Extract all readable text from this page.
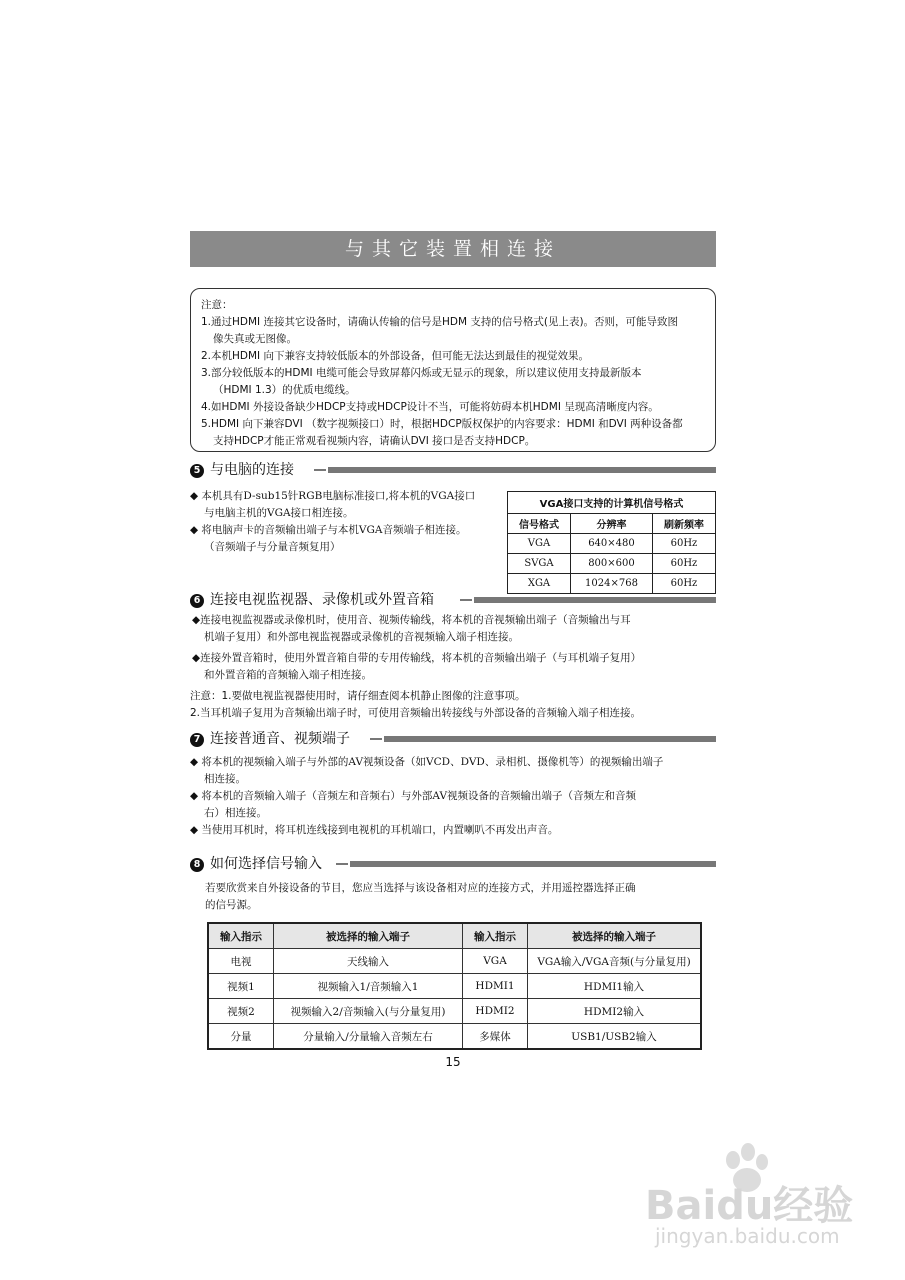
与其它装置相连接

注意：

1.通过HDMI 连接其它设备时，请确认传输的信号是HDM 支持的信号格式(见上表)。否则，可能导致图

像失真或无图像。

2.本机HDMI 向下兼容支持较低版本的外部设备，但可能无法达到最佳的视觉效果。

3.部分较低版本的HDMI 电缆可能会导致屏幕闪烁或无显示的现象，所以建议使用支持最新版本

（HDMI 1.3）的优质电缆线。

4.如HDMI 外接设备缺少HDCP支持或HDCP设计不当，可能将妨碍本机HDMI 呈现高清晰度内容。

5.HDMI 向下兼容DVI （数字视频接口）时，根据HDCP版权保护的内容要求：HDMI 和DVI 两种设备都

支持HDCP才能正常观看视频内容，请确认DVI 接口是否支持HDCP。

5 与电脑的连接

◆ 本机具有D-sub15针RGB电脑标准接口,将本机的VGA接口

与电脑主机的VGA接口相连接。

◆ 将电脑声卡的音频输出端子与本机VGA音频端子相连接。

（音频端子与分量音频复用）

VGA接口支持的计算机信号格式		
信号格式	分辨率	刷新频率
VGA	640×480	60Hz
SVGA	800×600	60Hz
XGA	1024×768	60Hz
6 连接电视监视器、录像机或外置音箱

◆连接电视监视器或录像机时，使用音、视频传输线，将本机的音视频输出端子（音频输出与耳

机端子复用）和外部电视监视器或录像机的音视频输入端子相连接。

◆连接外置音箱时，使用外置音箱自带的专用传输线，将本机的音频输出端子（与耳机端子复用）

和外置音箱的音频输入端子相连接。

注意：1.要做电视监视器使用时，请仔细查阅本机静止图像的注意事项。

2.当耳机端子复用为音频输出端子时，可使用音频输出转接线与外部设备的音频输入端子相连接。

7 连接普通音、视频端子

◆ 将本机的视频输入端子与外部的AV视频设备（如VCD、DVD、录相机、摄像机等）的视频输出端子

相连接。

◆ 将本机的音频输入端子（音频左和音频右）与外部AV视频设备的音频输出端子（音频左和音频

右）相连接。

◆ 当使用耳机时，将耳机连线接到电视机的耳机端口，内置喇叭不再发出声音。

8 如何选择信号输入

若要欣赏来自外接设备的节目，您应当选择与该设备相对应的连接方式，并用遥控器选择正确

的信号源。

输入指示	被选择的输入端子	输入指示	被选择的输入端子
电视	天线输入	VGA	VGA输入/VGA音频(与分量复用)
视频1	视频输入1/音频输入1	HDMI1	HDMI1输入
视频2	视频输入2/音频输入(与分量复用)	HDMI2	HDMI2输入
分量	分量输入/分量输入音频左右	多媒体	USB1/USB2输入
15
Baidu经验
jingyan.baidu.com
